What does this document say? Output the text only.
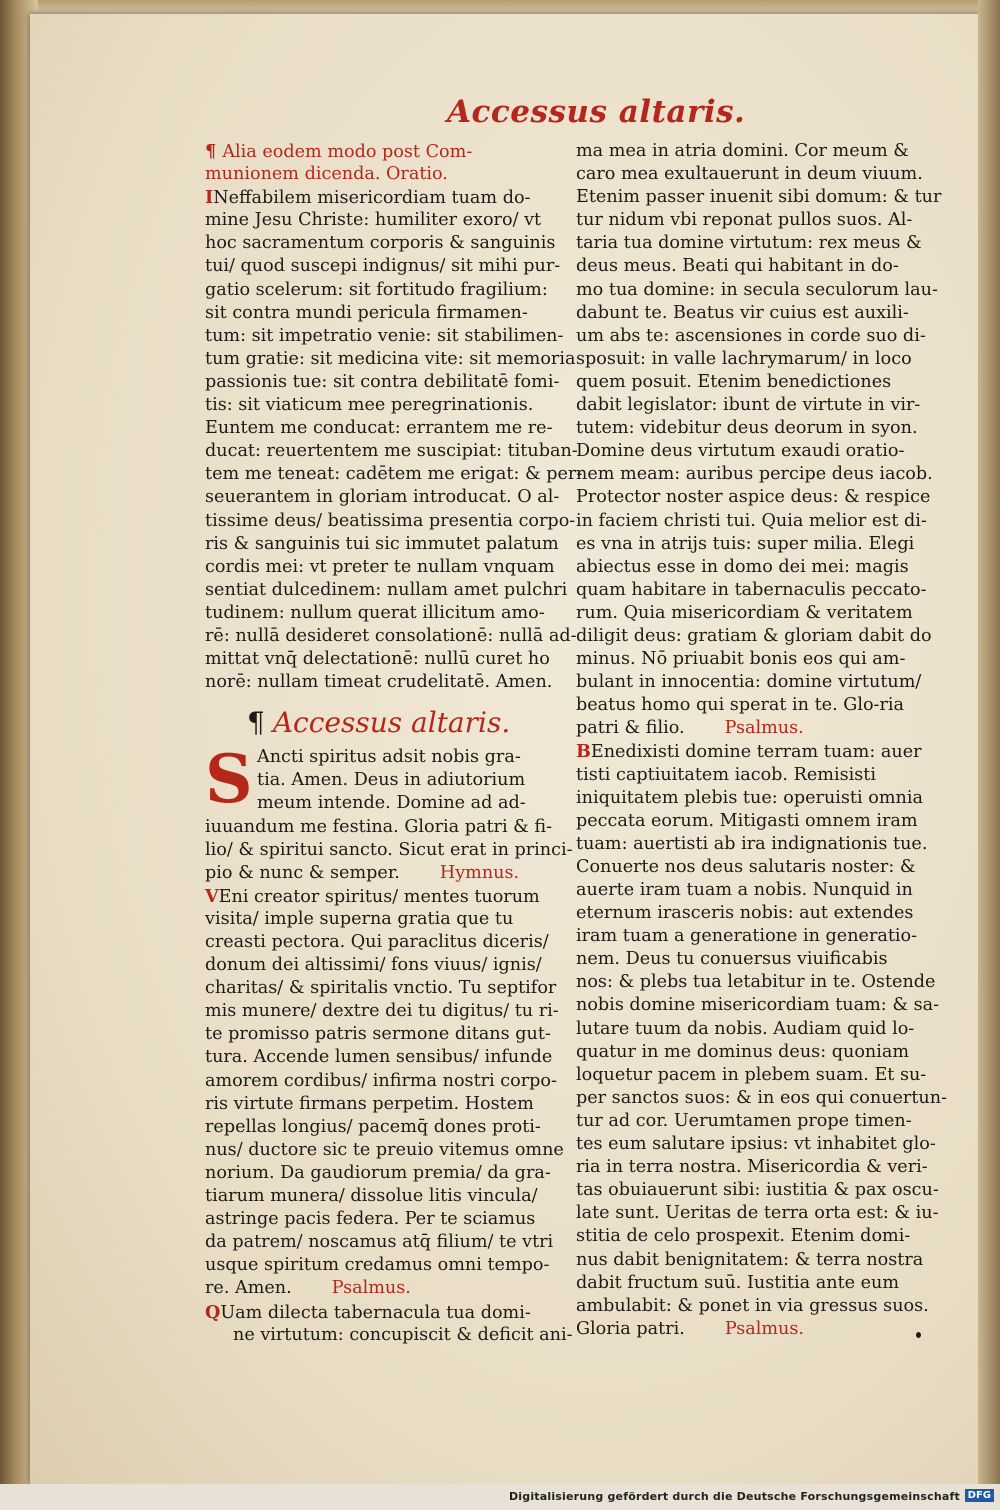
Accessus altaris.
¶ Alia eodem modo post Com-
munionem dicenda. Oratio.
INeffabilem misericordiam tuam do-
mine Jesu Christe: humiliter exoro/ vt
hoc sacramentum corporis & sanguinis
tui/ quod suscepi indignus/ sit mihi pur-
gatio scelerum: sit fortitudo fragilium:
sit contra mundi pericula firmamen-
tum: sit impetratio venie: sit stabilimen-
tum gratie: sit medicina vite: sit memoria
passionis tue: sit contra debilitatē fomi-
tis: sit viaticum mee peregrinationis.
Euntem me conducat: errantem me re-
ducat: reuertentem me suscipiat: tituban-
tem me teneat: cadētem me erigat: & per-
seuerantem in gloriam introducat. O al-
tissime deus/ beatissima presentia corpo-
ris & sanguinis tui sic immutet palatum
cordis mei: vt preter te nullam vnquam
sentiat dulcedinem: nullam amet pulchri
tudinem: nullum querat illicitum amo-
rē: nullā desideret consolationē: nullā ad-
mittat vnq̄ delectationē: nullū curet ho
norē: nullam timeat crudelitatē. Amen.
¶ Accessus altaris.
S Ancti spiritus adsit nobis gra-
tia. Amen. Deus in adiutorium
meum intende. Domine ad ad-
iuuandum me festina. Gloria patri & fi-
lio/ & spiritui sancto. Sicut erat in princi-
pio & nunc & semper. Hymnus.
VEni creator spiritus/ mentes tuorum
visita/ imple superna gratia que tu
creasti pectora. Qui paraclitus diceris/
donum dei altissimi/ fons viuus/ ignis/
charitas/ & spiritalis vnctio. Tu septifor
mis munere/ dextre dei tu digitus/ tu ri-
te promisso patris sermone ditans gut-
tura. Accende lumen sensibus/ infunde
amorem cordibus/ infirma nostri corpo-
ris virtute firmans perpetim. Hostem
repellas longius/ pacemq̄ dones proti-
nus/ ductore sic te preuio vitemus omne
norium. Da gaudiorum premia/ da gra-
tiarum munera/ dissolue litis vincula/
astringe pacis federa. Per te sciamus
da patrem/ noscamus atq̄ filium/ te vtri
usque spiritum credamus omni tempo-
re. Amen. Psalmus.
QUam dilecta tabernacula tua domi-
ne virtutum: concupiscit & deficit ani-
ma mea in atria domini. Cor meum &
caro mea exultauerunt in deum viuum.
Etenim passer inuenit sibi domum: & tur
tur nidum vbi reponat pullos suos. Al-
taria tua domine virtutum: rex meus &
deus meus. Beati qui habitant in do-
mo tua domine: in secula seculorum lau-
dabunt te. Beatus vir cuius est auxili-
um abs te: ascensiones in corde suo di-
sposuit: in valle lachrymarum/ in loco
quem posuit. Etenim benedictiones
dabit legislator: ibunt de virtute in vir-
tutem: videbitur deus deorum in syon.
Domine deus virtutum exaudi oratio-
nem meam: auribus percipe deus iacob.
Protector noster aspice deus: & respice
in faciem christi tui. Quia melior est di-
es vna in atrijs tuis: super milia. Elegi
abiectus esse in domo dei mei: magis
quam habitare in tabernaculis peccato-
rum. Quia misericordiam & veritatem
diligit deus: gratiam & gloriam dabit do
minus. Nō priuabit bonis eos qui am-
bulant in innocentia: domine virtutum/
beatus homo qui sperat in te. Glo-ria
patri & filio. Psalmus.
BEnedixisti domine terram tuam: auer
tisti captiuitatem iacob. Remisisti
iniquitatem plebis tue: operuisti omnia
peccata eorum. Mitigasti omnem iram
tuam: auertisti ab ira indignationis tue.
Conuerte nos deus salutaris noster: &
auerte iram tuam a nobis. Nunquid in
eternum irasceris nobis: aut extendes
iram tuam a generatione in generatio-
nem. Deus tu conuersus viuificabis
nos: & plebs tua letabitur in te. Ostende
nobis domine misericordiam tuam: & sa-
lutare tuum da nobis. Audiam quid lo-
quatur in me dominus deus: quoniam
loquetur pacem in plebem suam. Et su-
per sanctos suos: & in eos qui conuertun-
tur ad cor. Uerumtamen prope timen-
tes eum salutare ipsius: vt inhabitet glo-
ria in terra nostra. Misericordia & veri-
tas obuiauerunt sibi: iustitia & pax oscu-
late sunt. Ueritas de terra orta est: & iu-
stitia de celo prospexit. Etenim domi-
nus dabit benignitatem: & terra nostra
dabit fructum suū. Iustitia ante eum
ambulabit: & ponet in via gressus suos.
Gloria patri. Psalmus.
Digitalisierung gefördert durch die Deutsche Forschungsgemeinschaft DFG
